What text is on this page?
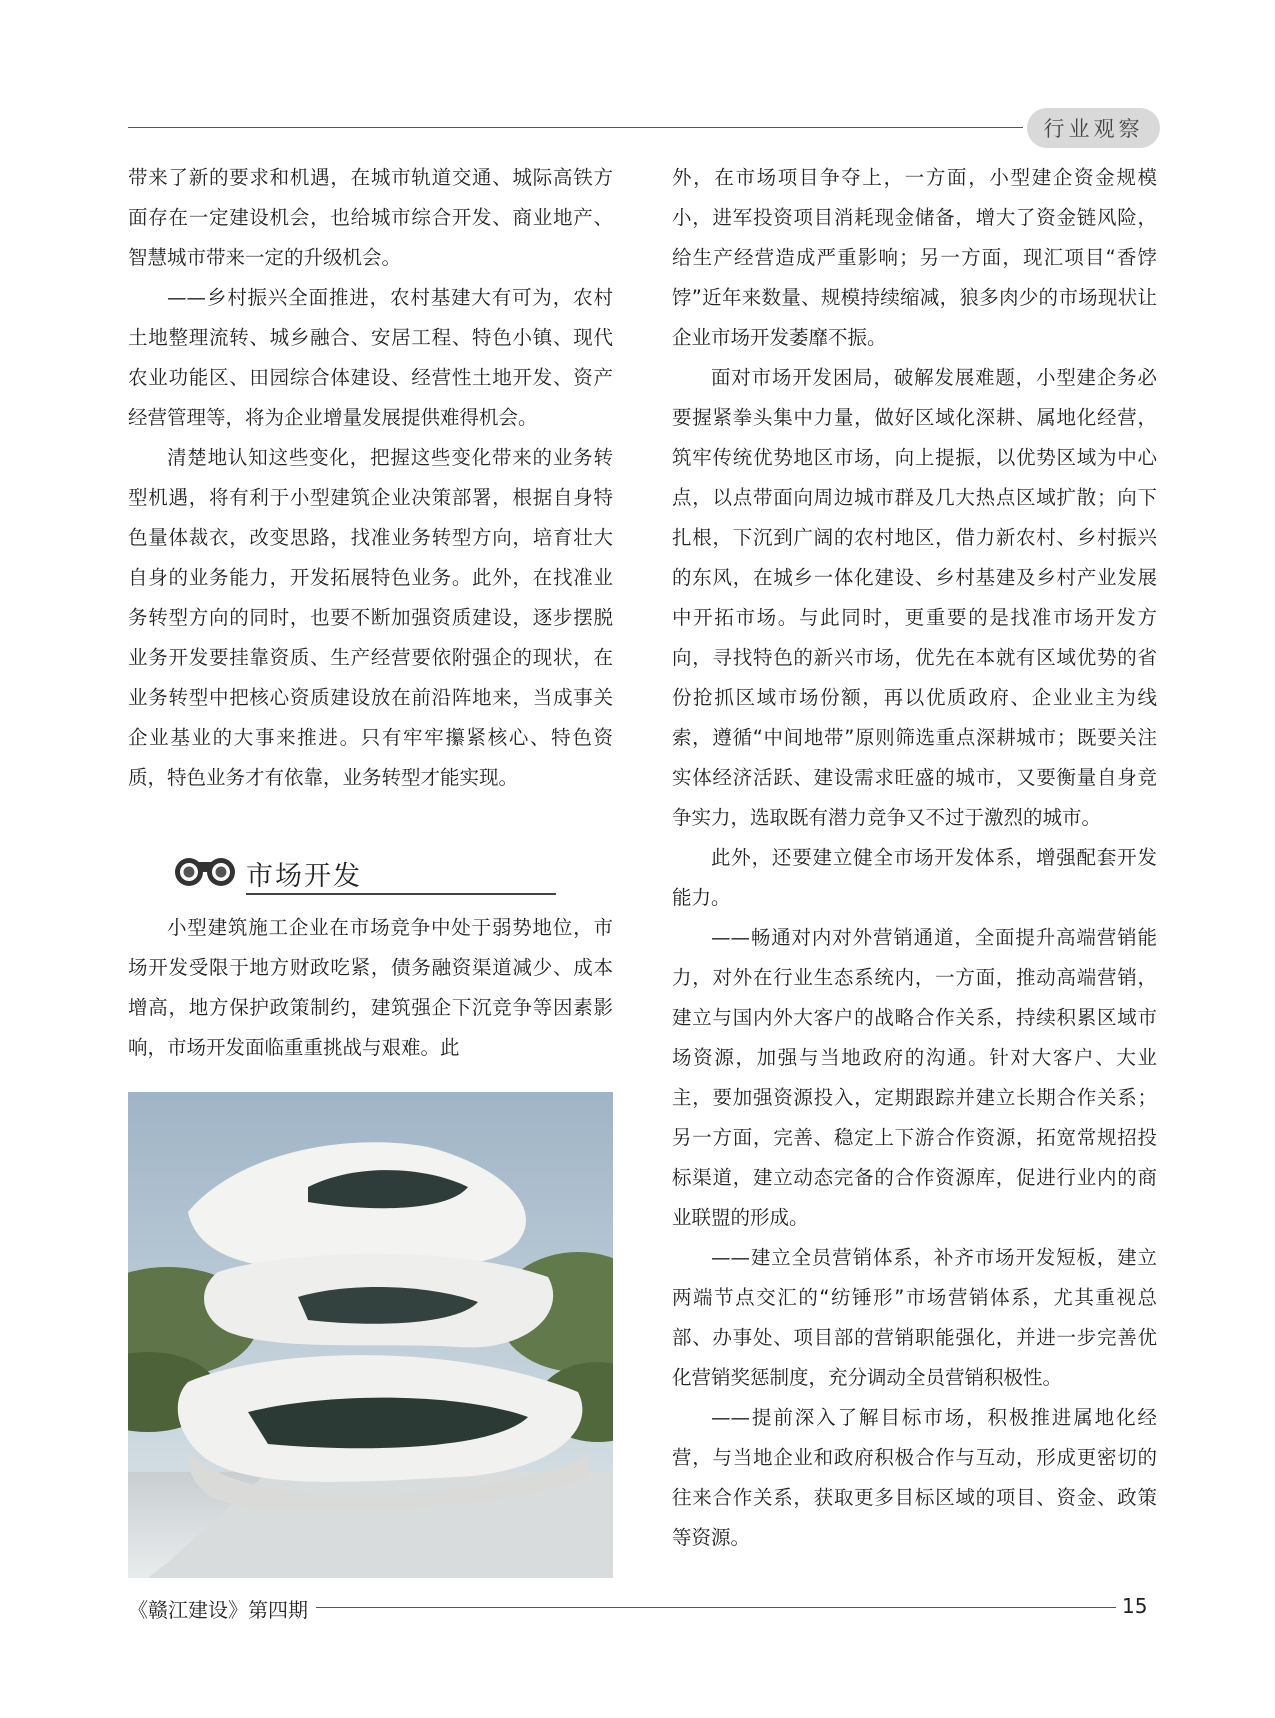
行业观察

带来了新的要求和机遇，在城市轨道交通、城际高铁方面存在一定建设机会，也给城市综合开发、商业地产、智慧城市带来一定的升级机会。

——乡村振兴全面推进，农村基建大有可为，农村土地整理流转、城乡融合、安居工程、特色小镇、现代农业功能区、田园综合体建设、经营性土地开发、资产经营管理等，将为企业增量发展提供难得机会。

清楚地认知这些变化，把握这些变化带来的业务转型机遇，将有利于小型建筑企业决策部署，根据自身特色量体裁衣，改变思路，找准业务转型方向，培育壮大自身的业务能力，开发拓展特色业务。此外，在找准业务转型方向的同时，也要不断加强资质建设，逐步摆脱业务开发要挂靠资质、生产经营要依附强企的现状，在业务转型中把核心资质建设放在前沿阵地来，当成事关企业基业的大事来推进。只有牢牢攥紧核心、特色资质，特色业务才有依靠，业务转型才能实现。

市场开发

小型建筑施工企业在市场竞争中处于弱势地位，市场开发受限于地方财政吃紧，债务融资渠道减少、成本增高，地方保护政策制约，建筑强企下沉竞争等因素影响，市场开发面临重重挑战与艰难。此

外，在市场项目争夺上，一方面，小型建企资金规模小，进军投资项目消耗现金储备，增大了资金链风险，给生产经营造成严重影响；另一方面，现汇项目“香饽饽”近年来数量、规模持续缩减，狼多肉少的市场现状让企业市场开发萎靡不振。

面对市场开发困局，破解发展难题，小型建企务必要握紧拳头集中力量，做好区域化深耕、属地化经营，筑牢传统优势地区市场，向上提振，以优势区域为中心点，以点带面向周边城市群及几大热点区域扩散；向下扎根，下沉到广阔的农村地区，借力新农村、乡村振兴的东风，在城乡一体化建设、乡村基建及乡村产业发展中开拓市场。与此同时，更重要的是找准市场开发方向，寻找特色的新兴市场，优先在本就有区域优势的省份抢抓区域市场份额，再以优质政府、企业业主为线索，遵循“中间地带”原则筛选重点深耕城市；既要关注实体经济活跃、建设需求旺盛的城市，又要衡量自身竞争实力，选取既有潜力竞争又不过于激烈的城市。

此外，还要建立健全市场开发体系，增强配套开发能力。

——畅通对内对外营销通道，全面提升高端营销能力，对外在行业生态系统内，一方面，推动高端营销，建立与国内外大客户的战略合作关系，持续积累区域市场资源，加强与当地政府的沟通。针对大客户、大业主，要加强资源投入，定期跟踪并建立长期合作关系；另一方面，完善、稳定上下游合作资源，拓宽常规招投标渠道，建立动态完备的合作资源库，促进行业内的商业联盟的形成。

——建立全员营销体系，补齐市场开发短板，建立两端节点交汇的“纺锤形”市场营销体系，尤其重视总部、办事处、项目部的营销职能强化，并进一步完善优化营销奖惩制度，充分调动全员营销积极性。

——提前深入了解目标市场，积极推进属地化经营，与当地企业和政府积极合作与互动，形成更密切的往来合作关系，获取更多目标区域的项目、资金、政策等资源。

《赣江建设》第四期	15
